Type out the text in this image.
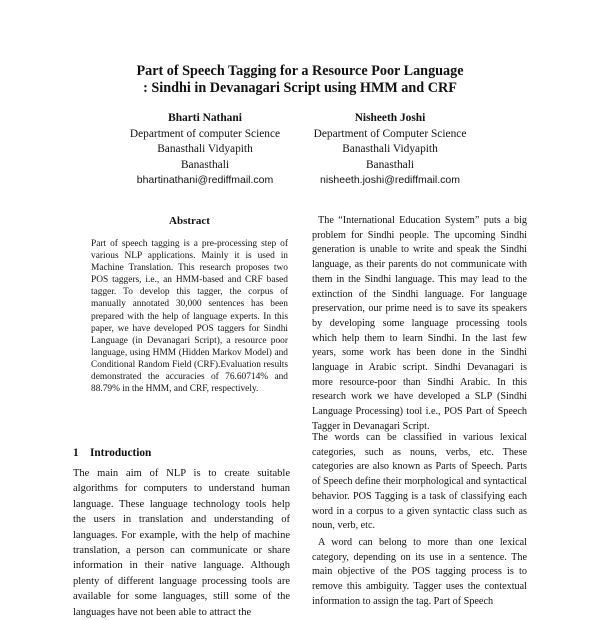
Part of Speech Tagging for a Resource Poor Language
: Sindhi in Devanagari Script using HMM and CRF
Bharti Nathani
Department of computer Science
Banasthali Vidyapith
Banasthali
bhartinathani@rediffmail.com
Nisheeth Joshi
Department of Computer Science
Banasthali Vidyapith
Banasthali
nisheeth.joshi@rediffmail.com
Abstract

Part of speech tagging is a pre-processing step of various NLP applications. Mainly it is used in Machine Translation. This research proposes two POS taggers, i.e., an HMM-based and CRF based tagger. To develop this tagger, the corpus of manually annotated 30,000 sentences has been prepared with the help of language experts. In this paper, we have developed POS taggers for Sindhi Language (in Devanagari Script), a resource poor language, using HMM (Hidden Markov Model) and Conditional Random Field (CRF).Evaluation results demonstrated the accuracies of 76.60714% and 88.79% in the HMM, and CRF, respectively.

1 Introduction

The main aim of NLP is to create suitable algorithms for computers to understand human language. These language technology tools help the users in translation and understanding of languages. For example, with the help of machine translation, a person can communicate or share information in their native language. Although plenty of different language processing tools are available for some languages, still some of the languages have not been able to attract the

The “International Education System” puts a big problem for Sindhi people. The upcoming Sindhi generation is unable to write and speak the Sindhi language, as their parents do not communicate with them in the Sindhi language. This may lead to the extinction of the Sindhi language. For language preservation, our prime need is to save its speakers by developing some language processing tools which help them to learn Sindhi. In the last few years, some work has been done in the Sindhi language in Arabic script. Sindhi Devanagari is more resource-poor than Sindhi Arabic. In this research work we have developed a SLP (Sindhi Language Processing) tool i.e., POS Part of Speech Tagger in Devanagari Script.

The words can be classified in various lexical categories, such as nouns, verbs, etc. These categories are also known as Parts of Speech. Parts of Speech define their morphological and syntactical behavior. POS Tagging is a task of classifying each word in a corpus to a given syntactic class such as noun, verb, etc.

A word can belong to more than one lexical category, depending on its use in a sentence. The main objective of the POS tagging process is to remove this ambiguity. Tagger uses the contextual information to assign the tag. Part of Speech
